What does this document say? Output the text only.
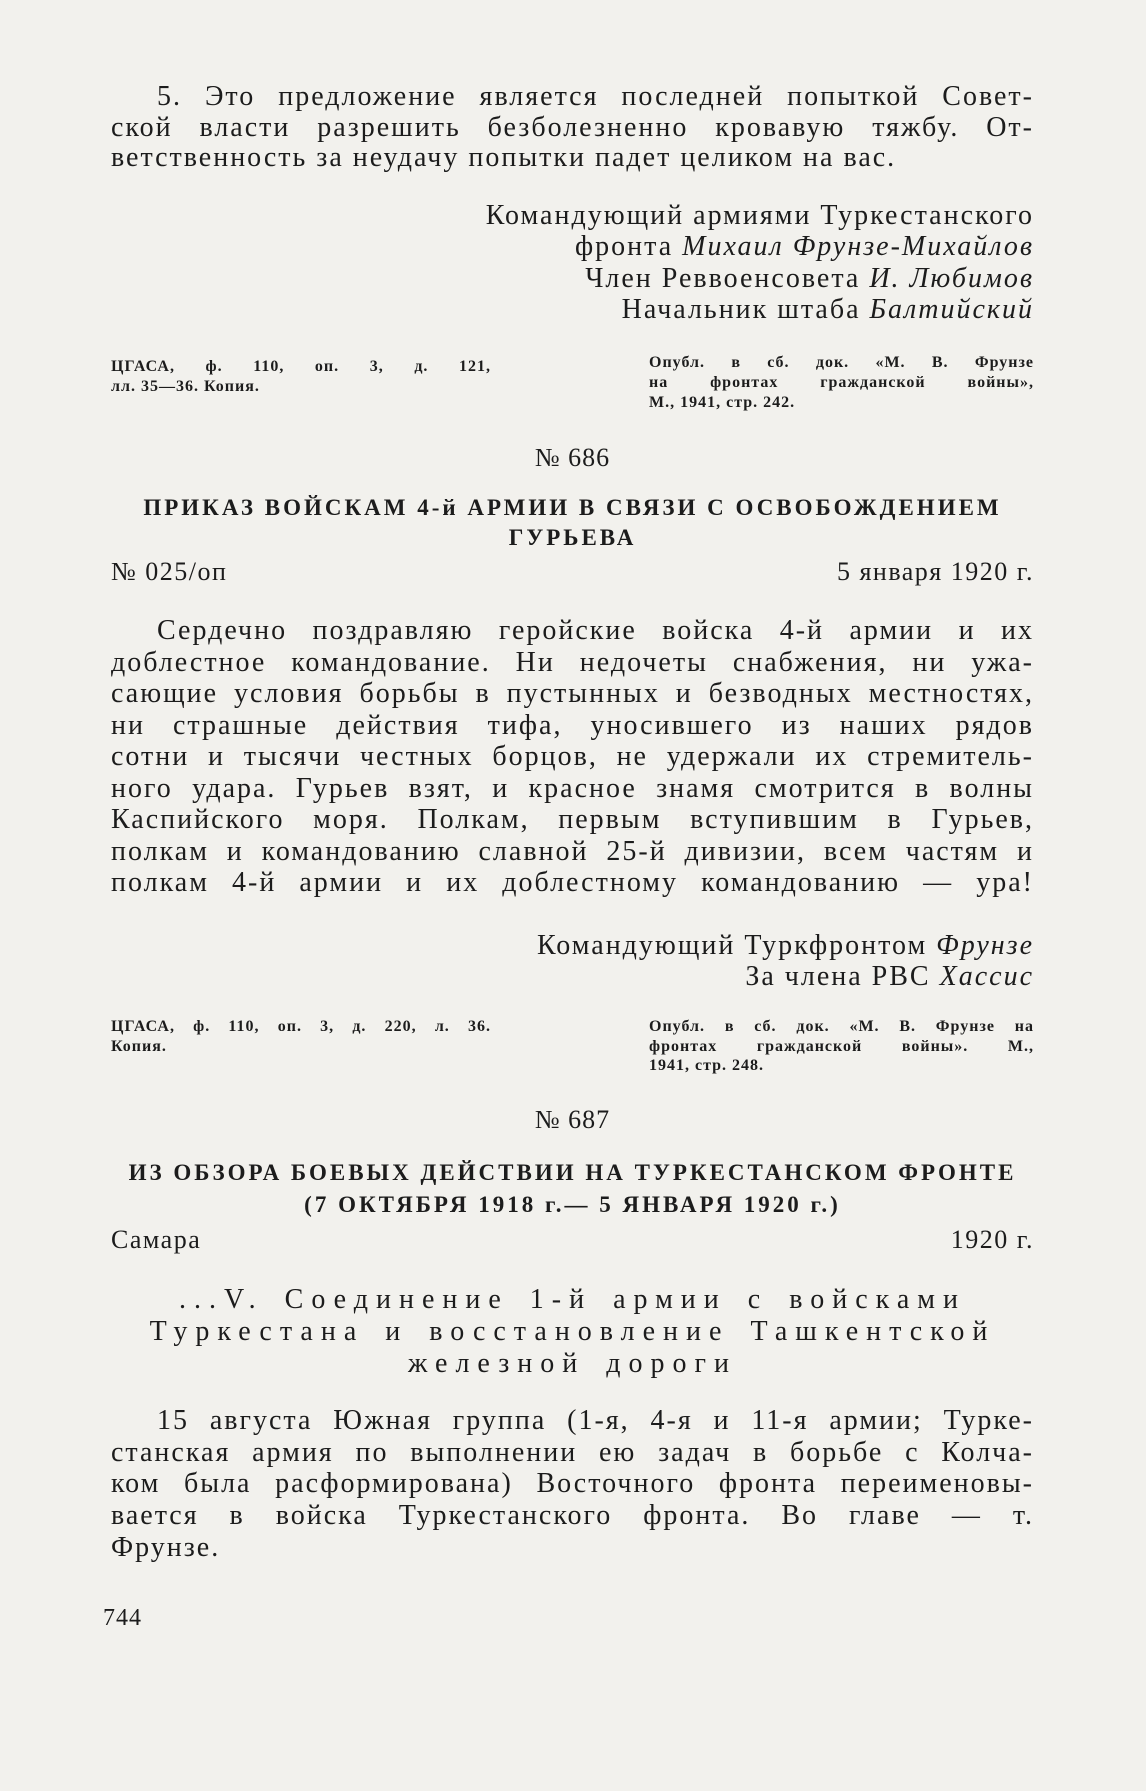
5. Это предложение является последней попыткой Совет-
ской власти разрешить безболезненно кровавую тяжбу. От-
ветственность за неудачу попытки падет целиком на вас.
Командующий армиями Туркестанского
фронта Михаил Фрунзе-Михайлов
Член Реввоенсовета И. Любимов
Начальник штаба Балтийский
ЦГАСА, ф. 110, оп. 3, д. 121,
лл. 35—36. Копия.
Опубл. в сб. док. «М. В. Фрунзе
на фронтах гражданской войны»,
М., 1941, стр. 242.
№ 686
ПРИКАЗ ВОЙСКАМ 4-й АРМИИ В СВЯЗИ С ОСВОБОЖДЕНИЕМ
ГУРЬЕВА
№ 025/оп	5 января 1920 г.
Сердечно поздравляю геройские войска 4-й армии и их
доблестное командование. Ни недочеты снабжения, ни ужа-
сающие условия борьбы в пустынных и безводных местностях,
ни страшные действия тифа, уносившего из наших рядов
сотни и тысячи честных борцов, не удержали их стремитель-
ного удара. Гурьев взят, и красное знамя смотрится в волны
Каспийского моря. Полкам, первым вступившим в Гурьев,
полкам и командованию славной 25-й дивизии, всем частям и
полкам 4-й армии и их доблестному командованию — ура!
Командующий Туркфронтом Фрунзе
За члена РВС Хассис
ЦГАСА, ф. 110, оп. 3, д. 220, л. 36.
Копия.
Опубл. в сб. док. «М. В. Фрунзе на
фронтах гражданской войны». М.,
1941, стр. 248.
№ 687
ИЗ ОБЗОРА БОЕВЫХ ДЕЙСТВИИ НА ТУРКЕСТАНСКОМ ФРОНТЕ
(7 ОКТЯБРЯ 1918 г.— 5 ЯНВАРЯ 1920 г.)
Самара	1920 г.
...V. Соединение 1-й армии с войсками
Туркестана и восстановление Ташкентской
железной дороги
15 августа Южная группа (1-я, 4-я и 11-я армии; Турке-
станская армия по выполнении ею задач в борьбе с Колча-
ком была расформирована) Восточного фронта переименовы-
вается в войска Туркестанского фронта. Во главе — т.
Фрунзе.
744
